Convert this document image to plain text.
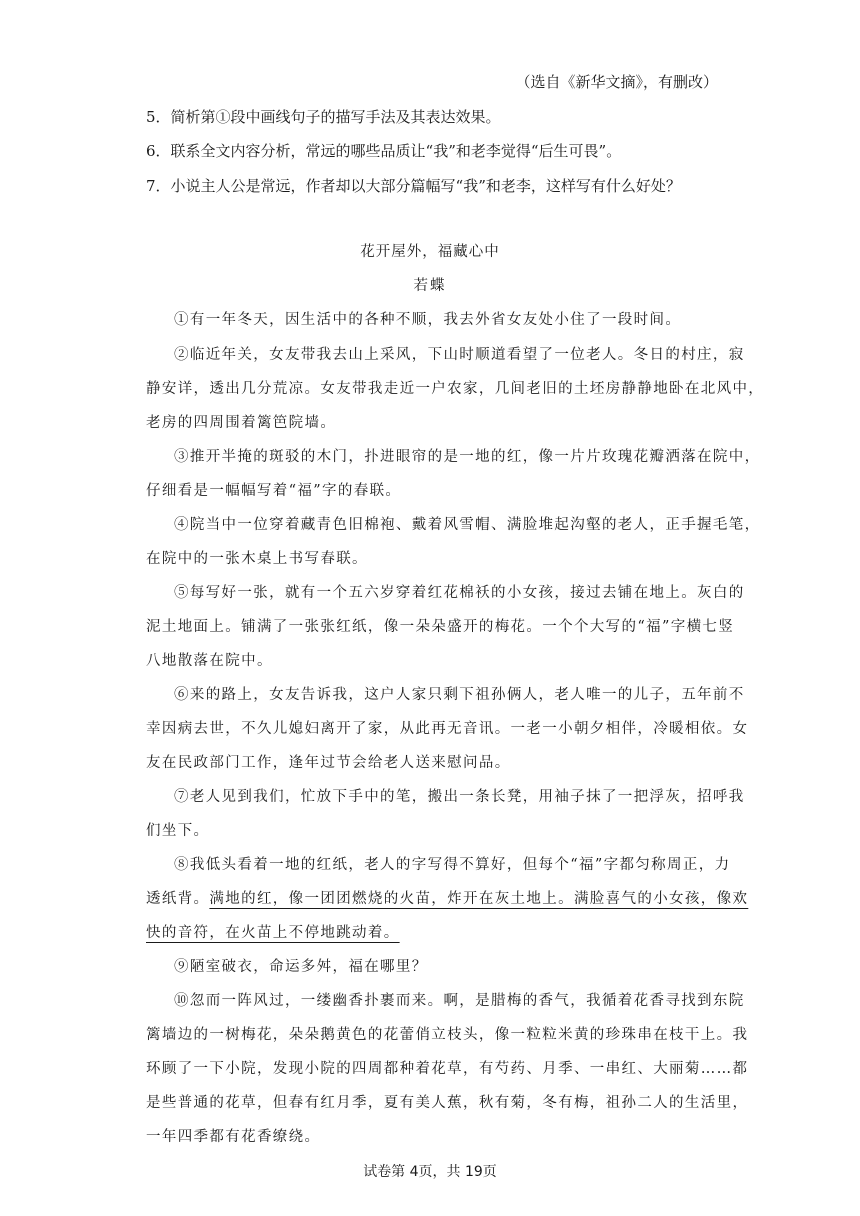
（选自《新华文摘》，有删改）
5．简析第①段中画线句子的描写手法及其表达效果。
6．联系全文内容分析，常远的哪些品质让“我”和老李觉得“后生可畏”。
7．小说主人公是常远，作者却以大部分篇幅写“我”和老李，这样写有什么好处？
花开屋外，福藏心中
若蝶
①有一年冬天，因生活中的各种不顺，我去外省女友处小住了一段时间。
②临近年关，女友带我去山上采风，下山时顺道看望了一位老人。冬日的村庄，寂
静安详，透出几分荒凉。女友带我走近一户农家，几间老旧的土坯房静静地卧在北风中，
老房的四周围着篱笆院墙。
③推开半掩的斑驳的木门，扑进眼帘的是一地的红，像一片片玫瑰花瓣洒落在院中，
仔细看是一幅幅写着“福”字的春联。
④院当中一位穿着藏青色旧棉袍、戴着风雪帽、满脸堆起沟壑的老人，正手握毛笔，
在院中的一张木桌上书写春联。
⑤每写好一张，就有一个五六岁穿着红花棉袄的小女孩，接过去铺在地上。灰白的
泥土地面上。铺满了一张张红纸，像一朵朵盛开的梅花。一个个大写的“福”字横七竖
八地散落在院中。
⑥来的路上，女友告诉我，这户人家只剩下祖孙俩人，老人唯一的儿子，五年前不
幸因病去世，不久儿媳妇离开了家，从此再无音讯。一老一小朝夕相伴，冷暖相依。女
友在民政部门工作，逢年过节会给老人送来慰问品。
⑦老人见到我们，忙放下手中的笔，搬出一条长凳，用袖子抹了一把浮灰，招呼我
们坐下。
⑧我低头看着一地的红纸，老人的字写得不算好，但每个“福”字都匀称周正，力
透纸背。满地的红，像一团团燃烧的火苗，炸开在灰土地上。满脸喜气的小女孩，像欢
快的音符，在火苗上不停地跳动着。
⑨陋室破衣，命运多舛，福在哪里？
⑩忽而一阵风过，一缕幽香扑裹而来。啊，是腊梅的香气，我循着花香寻找到东院
篱墙边的一树梅花，朵朵鹅黄色的花蕾俏立枝头，像一粒粒米黄的珍珠串在枝干上。我
环顾了一下小院，发现小院的四周都种着花草，有芍药、月季、一串红、大丽菊……都
是些普通的花草，但春有红月季，夏有美人蕉，秋有菊，冬有梅，祖孙二人的生活里，
一年四季都有花香缭绕。
试卷第 4页，共 19页
